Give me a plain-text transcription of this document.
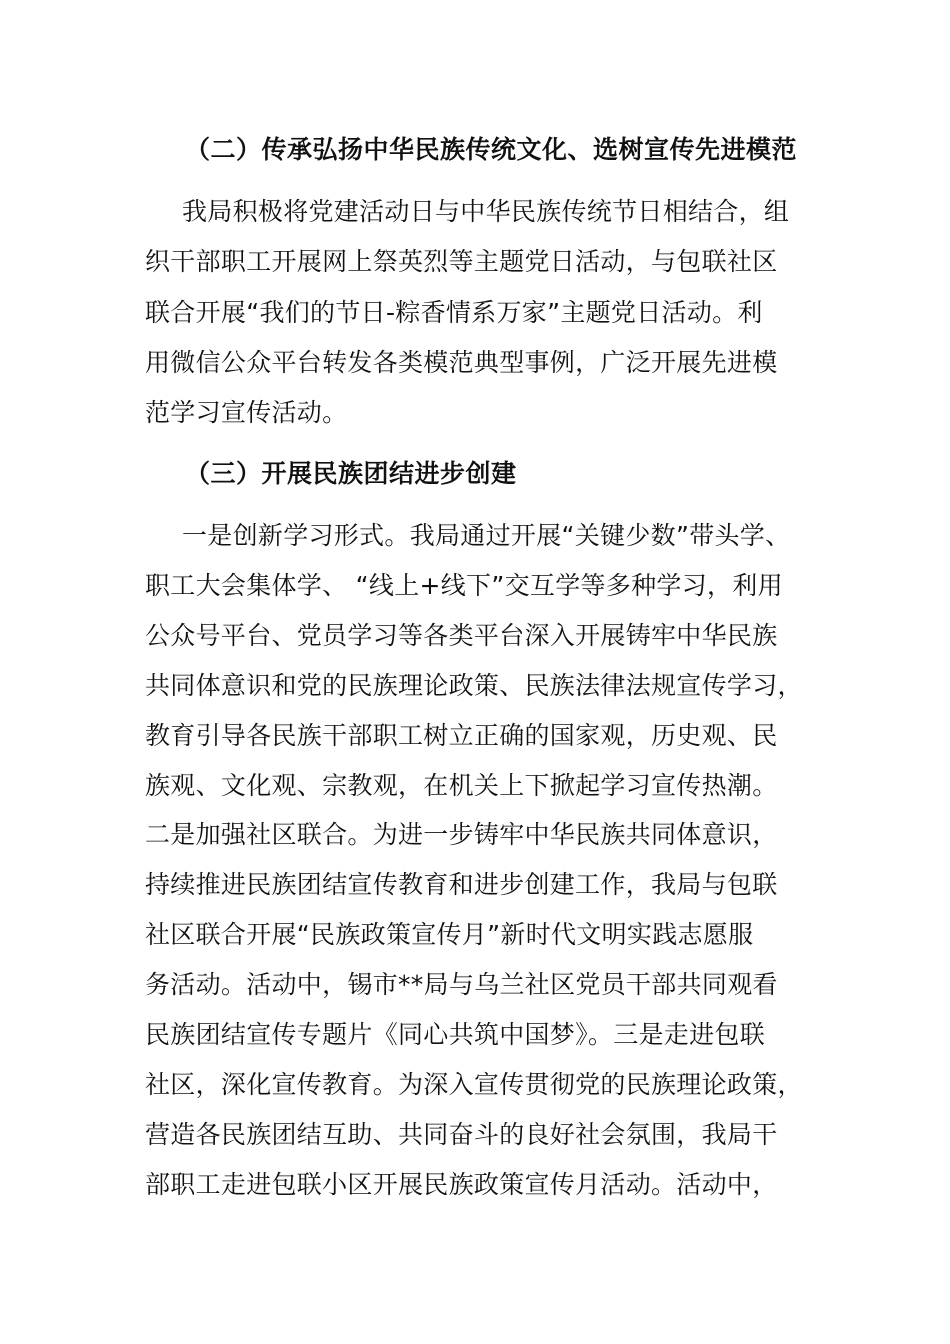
（二）传承弘扬中华民族传统文化、选树宣传先进模范
我局积极将党建活动日与中华民族传统节日相结合，组
织干部职工开展网上祭英烈等主题党日活动，与包联社区
联合开展“我们的节日-粽香情系万家”主题党日活动。利
用微信公众平台转发各类模范典型事例，广泛开展先进模
范学习宣传活动。
（三）开展民族团结进步创建
一是创新学习形式。我局通过开展“关键少数”带头学、
职工大会集体学、 “线上+线下”交互学等多种学习，利用
公众号平台、党员学习等各类平台深入开展铸牢中华民族
共同体意识和党的民族理论政策、民族法律法规宣传学习，
教育引导各民族干部职工树立正确的国家观，历史观、民
族观、文化观、宗教观，在机关上下掀起学习宣传热潮。
二是加强社区联合。为进一步铸牢中华民族共同体意识，
持续推进民族团结宣传教育和进步创建工作，我局与包联
社区联合开展“民族政策宣传月”新时代文明实践志愿服
务活动。活动中，锡市**局与乌兰社区党员干部共同观看
民族团结宣传专题片《同心共筑中国梦》。三是走进包联
社区，深化宣传教育。为深入宣传贯彻党的民族理论政策，
营造各民族团结互助、共同奋斗的良好社会氛围，我局干
部职工走进包联小区开展民族政策宣传月活动。活动中，
